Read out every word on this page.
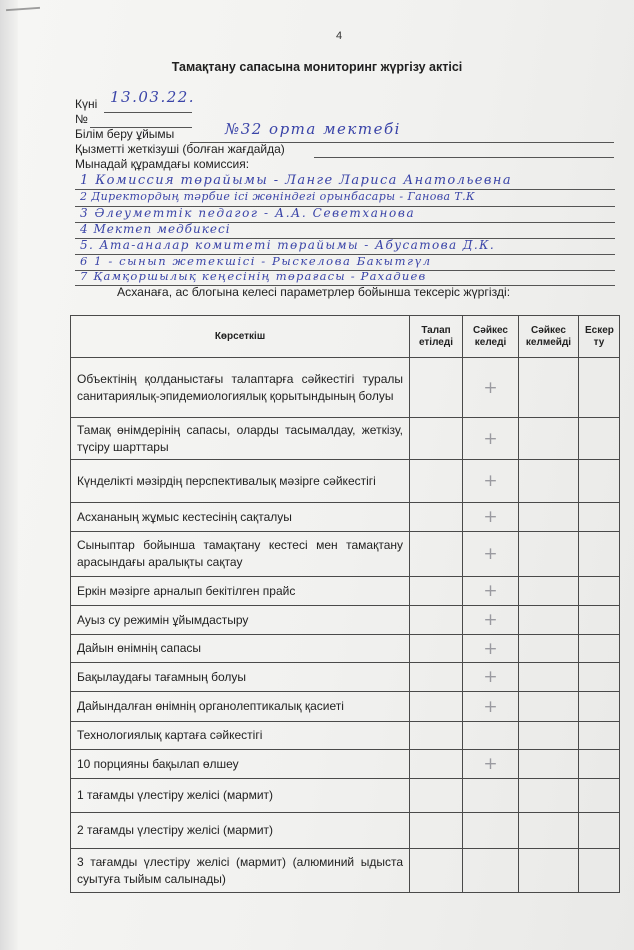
4
Тамақтану сапасына мониторинг жүргізу актісі
Күні 13.03.22.
№
Білім беру ұйымы	№32 орта мектебі
Қызметті жеткізуші (болған жағдайда)
Мынадай құрамдағы комиссия:
1 Комиссия төрайымы - Ланге Лариса Анатольевна
2 Директордың тәрбие ісі жөніндегі орынбасары - Ганова Т.К
3 Әлеуметтік педагог - А.А. Севетханова
4 Мектеп медбикесі
5. Ата-аналар комитеті төрайымы - Абусатова Д.К.
6 1 - сынып жетекшісі - Рыскелова Бакытгүл
7 Қамқоршылық кеңесінің төрағасы - Рахадиев
Асханаға, ас блогына келесі параметрлер бойынша тексеріс жүргізді:
Көрсеткіш	Талап етіледі	Сәйкес келеді	Сәйкес келмейді	Ескер ту
Объектінің қолданыстағы талаптарға сәйкестігі туралы санитариялық-эпидемиологиялық қорытындының болуы		+		
Тамақ өнімдерінің сапасы, оларды тасымалдау, жеткізу, түсіру шарттары		+		
Күнделікті мәзірдің перспективалық мәзірге сәйкестігі		+		
Асхананың жұмыс кестесінің сақталуы		+		
Сыныптар бойынша тамақтану кестесі мен тамақтану арасындағы аралықты сақтау		+		
Еркін мәзірге арналып бекітілген прайс		+		
Ауыз су режимін ұйымдастыру		+		
Дайын өнімнің сапасы		+		
Бақылаудағы тағамның болуы		+		
Дайындалған өнімнің органолептикалық қасиеті		+		
Технологиялық картаға сәйкестігі				
10 порцияны бақылап өлшеу		+		
1 тағамды үлестіру желісі (мармит)				
2 тағамды үлестіру желісі (мармит)				
3 тағамды үлестіру желісі (мармит) (алюминий ыдыста суытуға тыйым салынады)				
